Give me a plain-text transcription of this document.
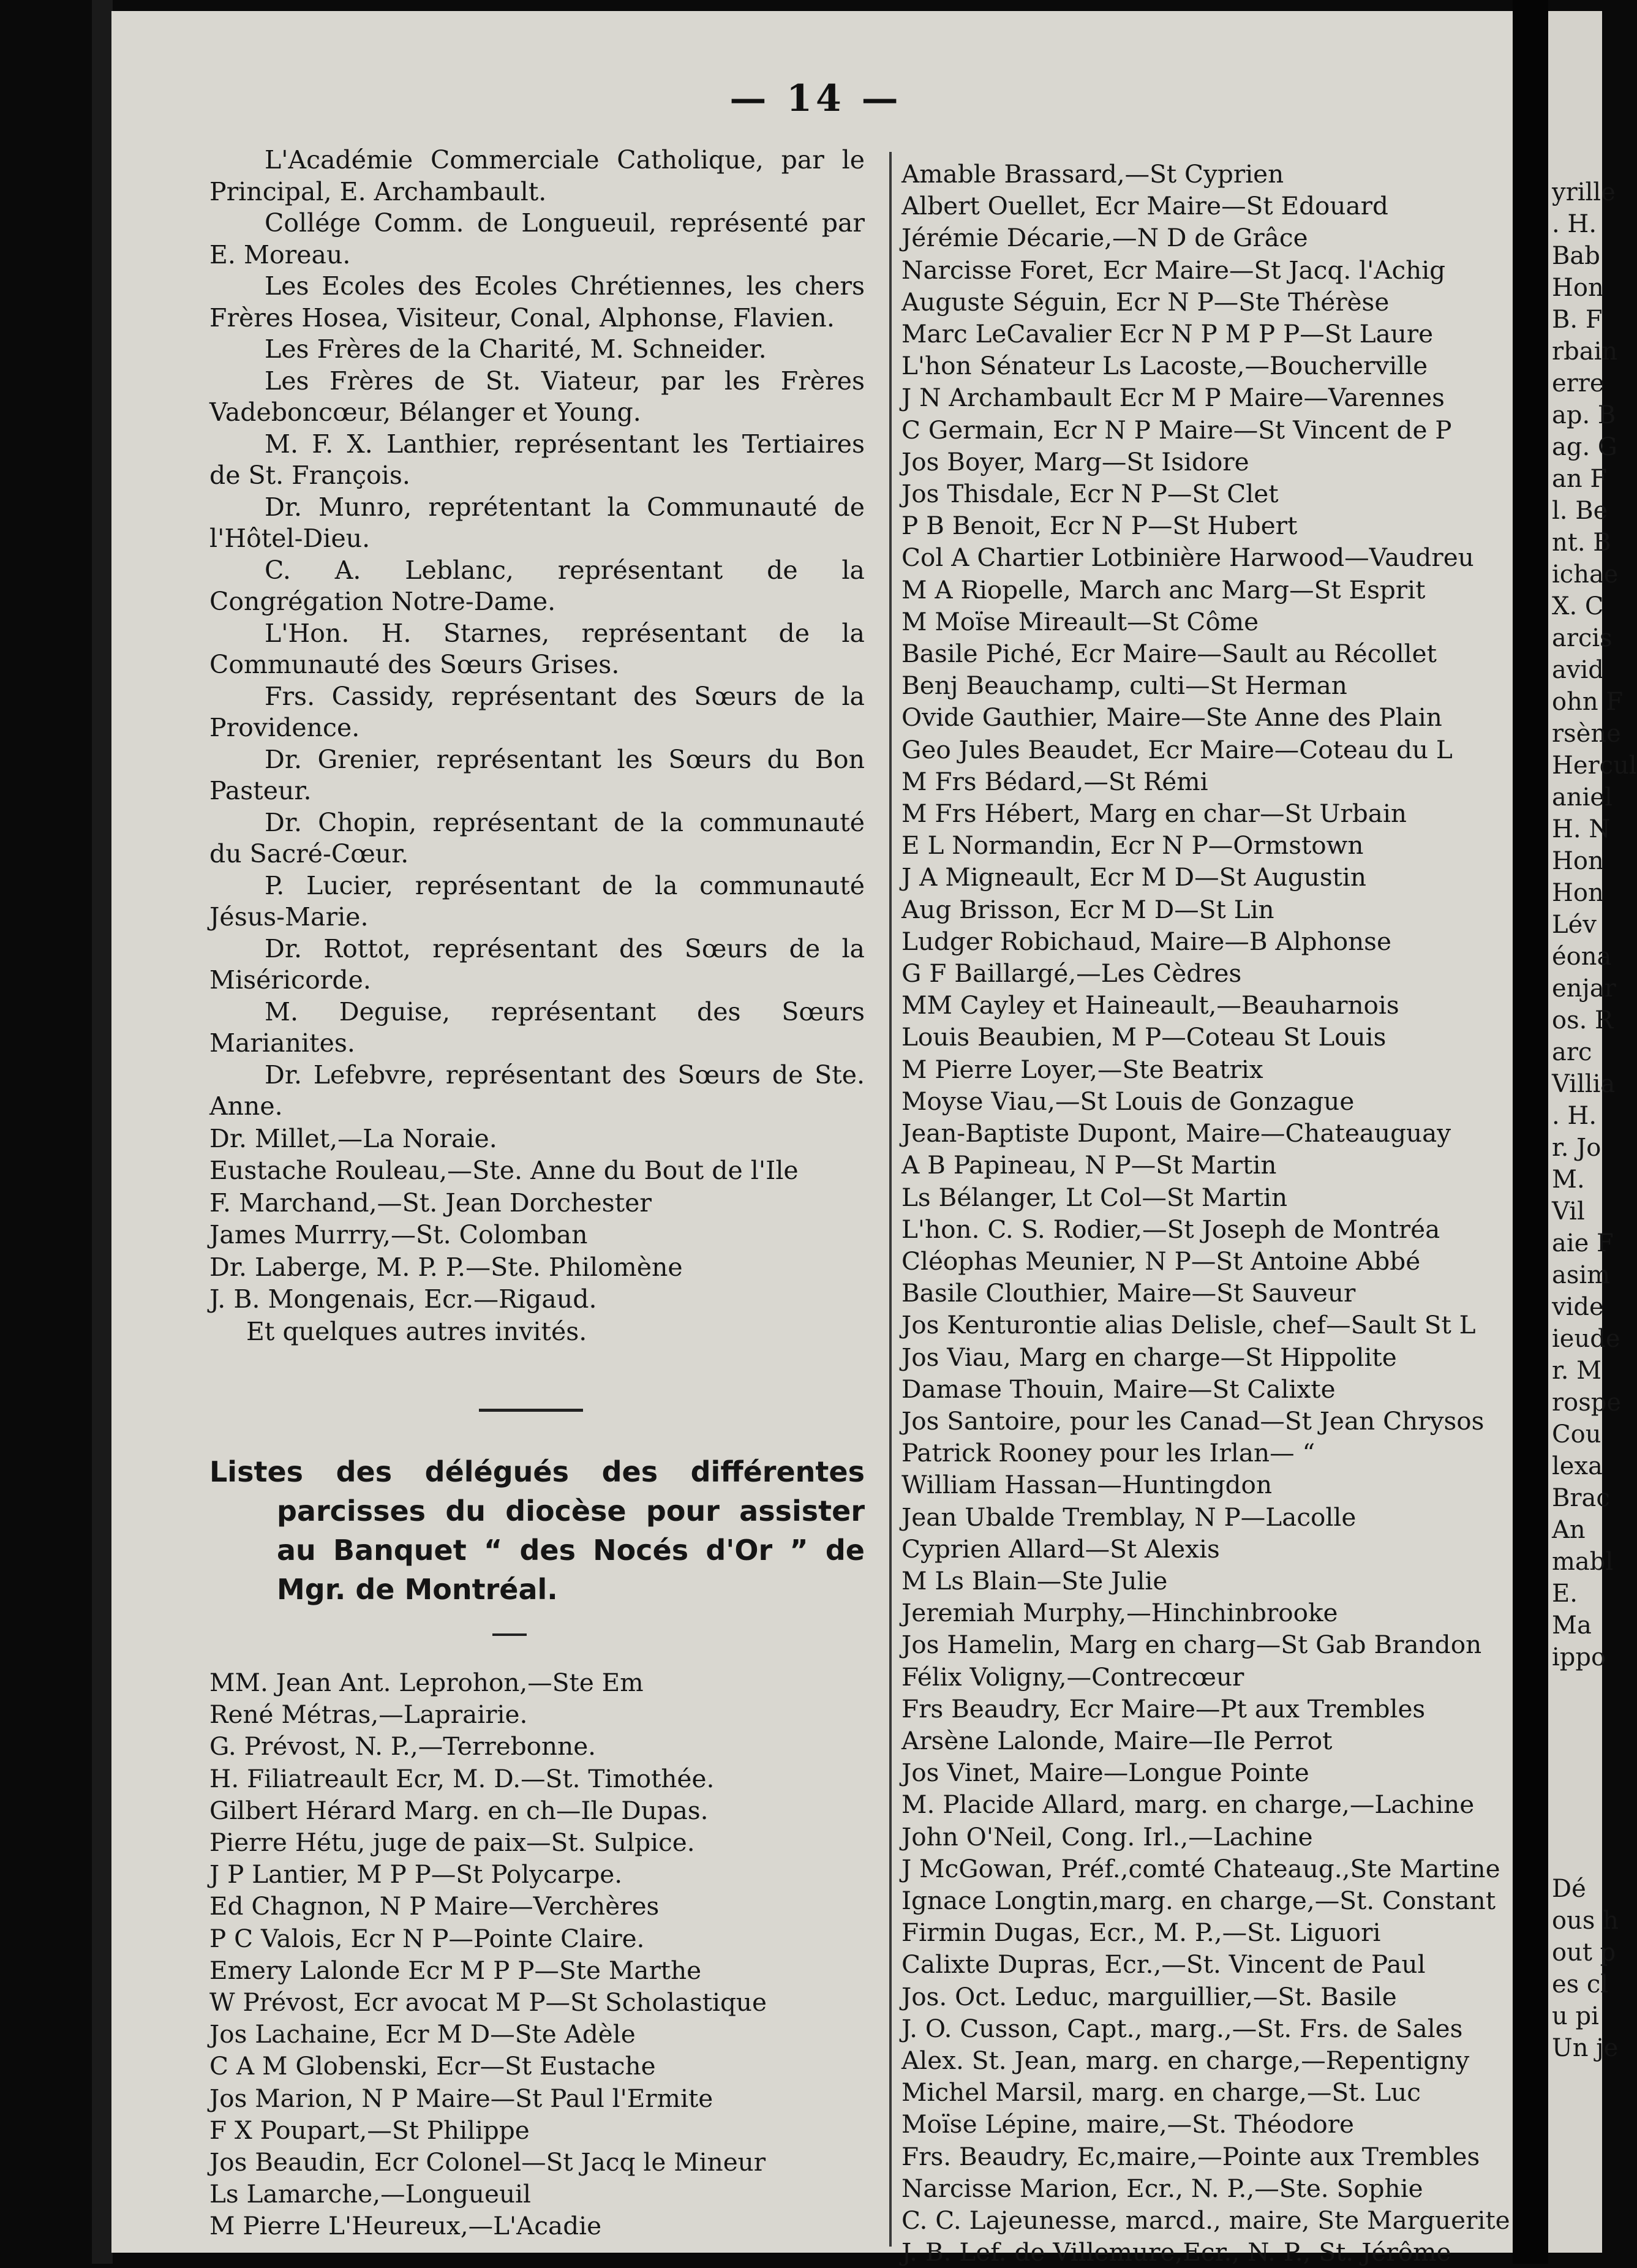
— 14 —

L'Académie Commerciale Catholique, par le Principal, E. Archambault.

Collége Comm. de Longueuil, représenté par E. Moreau.

Les Ecoles des Ecoles Chrétiennes, les chers Frères Hosea, Visiteur, Conal, Alphonse, Flavien.

Les Frères de la Charité, M. Schneider.

Les Frères de St. Viateur, par les Frères Vadeboncœur, Bélanger et Young.

M. F. X. Lanthier, représentant les Tertiaires de St. François.

Dr. Munro, reprétentant la Communauté de l'Hôtel-Dieu.

C. A. Leblanc, représentant de la Congrégation Notre-Dame.

L'Hon. H. Starnes, représentant de la Communauté des Sœurs Grises.

Frs. Cassidy, représentant des Sœurs de la Providence.

Dr. Grenier, représentant les Sœurs du Bon Pasteur.

Dr. Chopin, représentant de la communauté du Sacré-Cœur.

P. Lucier, représentant de la communauté Jésus-Marie.

Dr. Rottot, représentant des Sœurs de la Miséricorde.

M. Deguise, représentant des Sœurs Marianites.

Dr. Lefebvre, représentant des Sœurs de Ste. Anne.

Dr. Millet,—La Noraie.

Eustache Rouleau,—Ste. Anne du Bout de l'Ile

F. Marchand,—St. Jean Dorchester

James Murrry,—St. Colomban

Dr. Laberge, M. P. P.—Ste. Philomène

J. B. Mongenais, Ecr.—Rigaud.

Et quelques autres invités.

Listes des délégués des différentes parcisses du diocèse pour assister au Banquet “ des Nocés d'Or ” de Mgr. de Montréal.

MM. Jean Ant. Leprohon,—Ste Em

René Métras,—Laprairie.

G. Prévost, N. P.,—Terrebonne.

H. Filiatreault Ecr, M. D.—St. Timothée.

Gilbert Hérard Marg. en ch—Ile Dupas.

Pierre Hétu, juge de paix—St. Sulpice.

J P Lantier, M P P—St Polycarpe.

Ed Chagnon, N P Maire—Verchères

P C Valois, Ecr N P—Pointe Claire.

Emery Lalonde Ecr M P P—Ste Marthe

W Prévost, Ecr avocat M P—St Scholastique

Jos Lachaine, Ecr M D—Ste Adèle

C A M Globenski, Ecr—St Eustache

Jos Marion, N P Maire—St Paul l'Ermite

F X Poupart,—St Philippe

Jos Beaudin, Ecr Colonel—St Jacq le Mineur

Ls Lamarche,—Longueuil

M Pierre L'Heureux,—L'Acadie

Amable Brassard,—St Cyprien

Albert Ouellet, Ecr Maire—St Edouard

Jérémie Décarie,—N D de Grâce

Narcisse Foret, Ecr Maire—St Jacq. l'Achig

Auguste Séguin, Ecr N P—Ste Thérèse

Marc LeCavalier Ecr N P M P P—St Laure

L'hon Sénateur Ls Lacoste,—Boucherville

J N Archambault Ecr M P Maire—Varennes

C Germain, Ecr N P Maire—St Vincent de P

Jos Boyer, Marg—St Isidore

Jos Thisdale, Ecr N P—St Clet

P B Benoit, Ecr N P—St Hubert

Col A Chartier Lotbinière Harwood—Vaudreu

M A Riopelle, March anc Marg—St Esprit

M Moïse Mireault—St Côme

Basile Piché, Ecr Maire—Sault au Récollet

Benj Beauchamp, culti—St Herman

Ovide Gauthier, Maire—Ste Anne des Plain

Geo Jules Beaudet, Ecr Maire—Coteau du L

M Frs Bédard,—St Rémi

M Frs Hébert, Marg en char—St Urbain

E L Normandin, Ecr N P—Ormstown

J A Migneault, Ecr M D—St Augustin

Aug Brisson, Ecr M D—St Lin

Ludger Robichaud, Maire—B Alphonse

G F Baillargé,—Les Cèdres

MM Cayley et Haineault,—Beauharnois

Louis Beaubien, M P—Coteau St Louis

M Pierre Loyer,—Ste Beatrix

Moyse Viau,—St Louis de Gonzague

Jean-Baptiste Dupont, Maire—Chateauguay

A B Papineau, N P—St Martin

Ls Bélanger, Lt Col—St Martin

L'hon. C. S. Rodier,—St Joseph de Montréa

Cléophas Meunier, N P—St Antoine Abbé

Basile Clouthier, Maire—St Sauveur

Jos Kenturontie alias Delisle, chef—Sault St L

Jos Viau, Marg en charge—St Hippolite

Damase Thouin, Maire—St Calixte

Jos Santoire, pour les Canad—St Jean Chrysos

Patrick Rooney pour les Irlan— “

William Hassan—Huntingdon

Jean Ubalde Tremblay, N P—Lacolle

Cyprien Allard—St Alexis

M Ls Blain—Ste Julie

Jeremiah Murphy,—Hinchinbrooke

Jos Hamelin, Marg en charg—St Gab Brandon

Félix Voligny,—Contrecœur

Frs Beaudry, Ecr Maire—Pt aux Trembles

Arsène Lalonde, Maire—Ile Perrot

Jos Vinet, Maire—Longue Pointe

M. Placide Allard, marg. en charge,—Lachine

John O'Neil, Cong. Irl.,—Lachine

J McGowan, Préf.,comté Chateaug.,Ste Martine

Ignace Longtin,marg. en charge,—St. Constant

Firmin Dugas, Ecr., M. P.,—St. Liguori

Calixte Dupras, Ecr.,—St. Vincent de Paul

Jos. Oct. Leduc, marguillier,—St. Basile

J. O. Cusson, Capt., marg.,—St. Frs. de Sales

Alex. St. Jean, marg. en charge,—Repentigny

Michel Marsil, marg. en charge,—St. Luc

Moïse Lépine, maire,—St. Théodore

Frs. Beaudry, Ec,maire,—Pointe aux Trembles

Narcisse Marion, Ecr., N. P.,—Ste. Sophie

C. C. Lajeunesse, marcd., maire, Ste Marguerite

J. B. Lef. de Villemure,Ecr., N. P., St. Jérôme

yrille

. H.

Bab

Hon

B. F

rbain

erre

ap. B

ag. G

an F

l. Be

nt. B

ichae

X. C

arcis

avid

ohn F

rsène

Hercul

aniel

H. N

Hon

Hon

Lév

éona

enjar

os. R

arc

Villia

. H.

r. Jo

M.

Vil

aie F

asim

vide

ieude

r. M

rospe

Cou

lexa

Brac

An

mabl

E.

Ma

ippo

Dé

ous h

out p

es cl

u pi

Un je
